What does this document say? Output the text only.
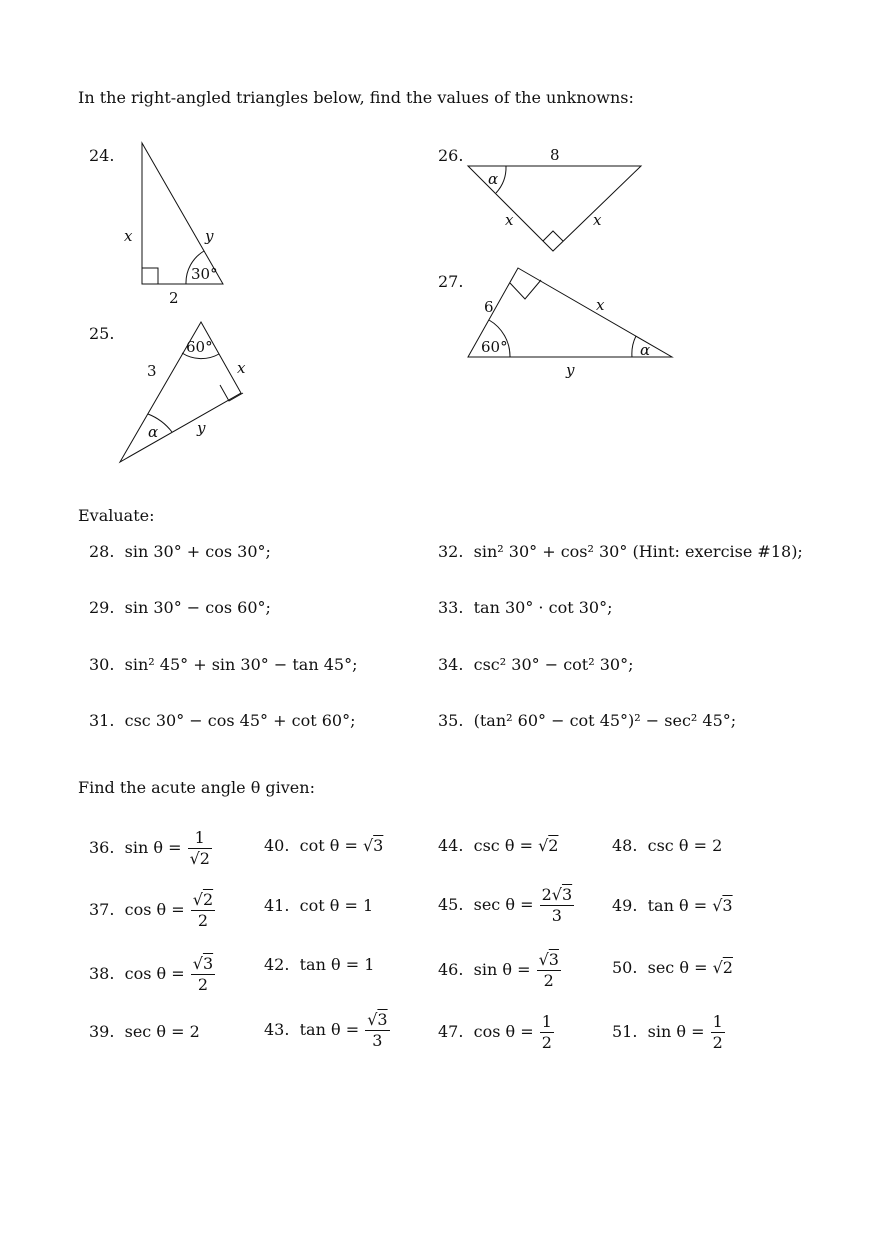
In the right-angled triangles below, find the values of the unknowns:
24.
25.
26.
27.
x	y
30°
2
3
60°
x
α	y
8
α
x	x
6	x
60°	α
y
Evaluate:
28. sin 30° + cos 30°;
29. sin 30° − cos 60°;
30. sin² 45° + sin 30° − tan 45°;
31. csc 30° − cos 45° + cot 60°;
32. sin² 30° + cos² 30° (Hint: exercise #18);
33. tan 30° · cot 30°;
34. csc² 30° − cot² 30°;
35. (tan² 60° − cot 45°)² − sec² 45°;
Find the acute angle θ given:
36. $\sin \theta = \frac{1}{√2}$
37. $\cos \theta = \frac{√2}{2}$
38. $\cos \theta = \frac{√3}{2}$
39. sec θ = 2
40. cot θ = √3
41. cot θ = 1
42. tan θ = 1
43. $\tan \theta = \frac{√3}{3}$
44. csc θ = √2
45. $\sec \theta = \frac{2√3}{3}$
46. $\sin \theta = \frac{√3}{2}$
47. $\cos \theta = \frac{1}{2}$
48. csc θ = 2
49. tan θ = √3
50. sec θ = √2
51. $\sin \theta = \frac{1}{2}$
